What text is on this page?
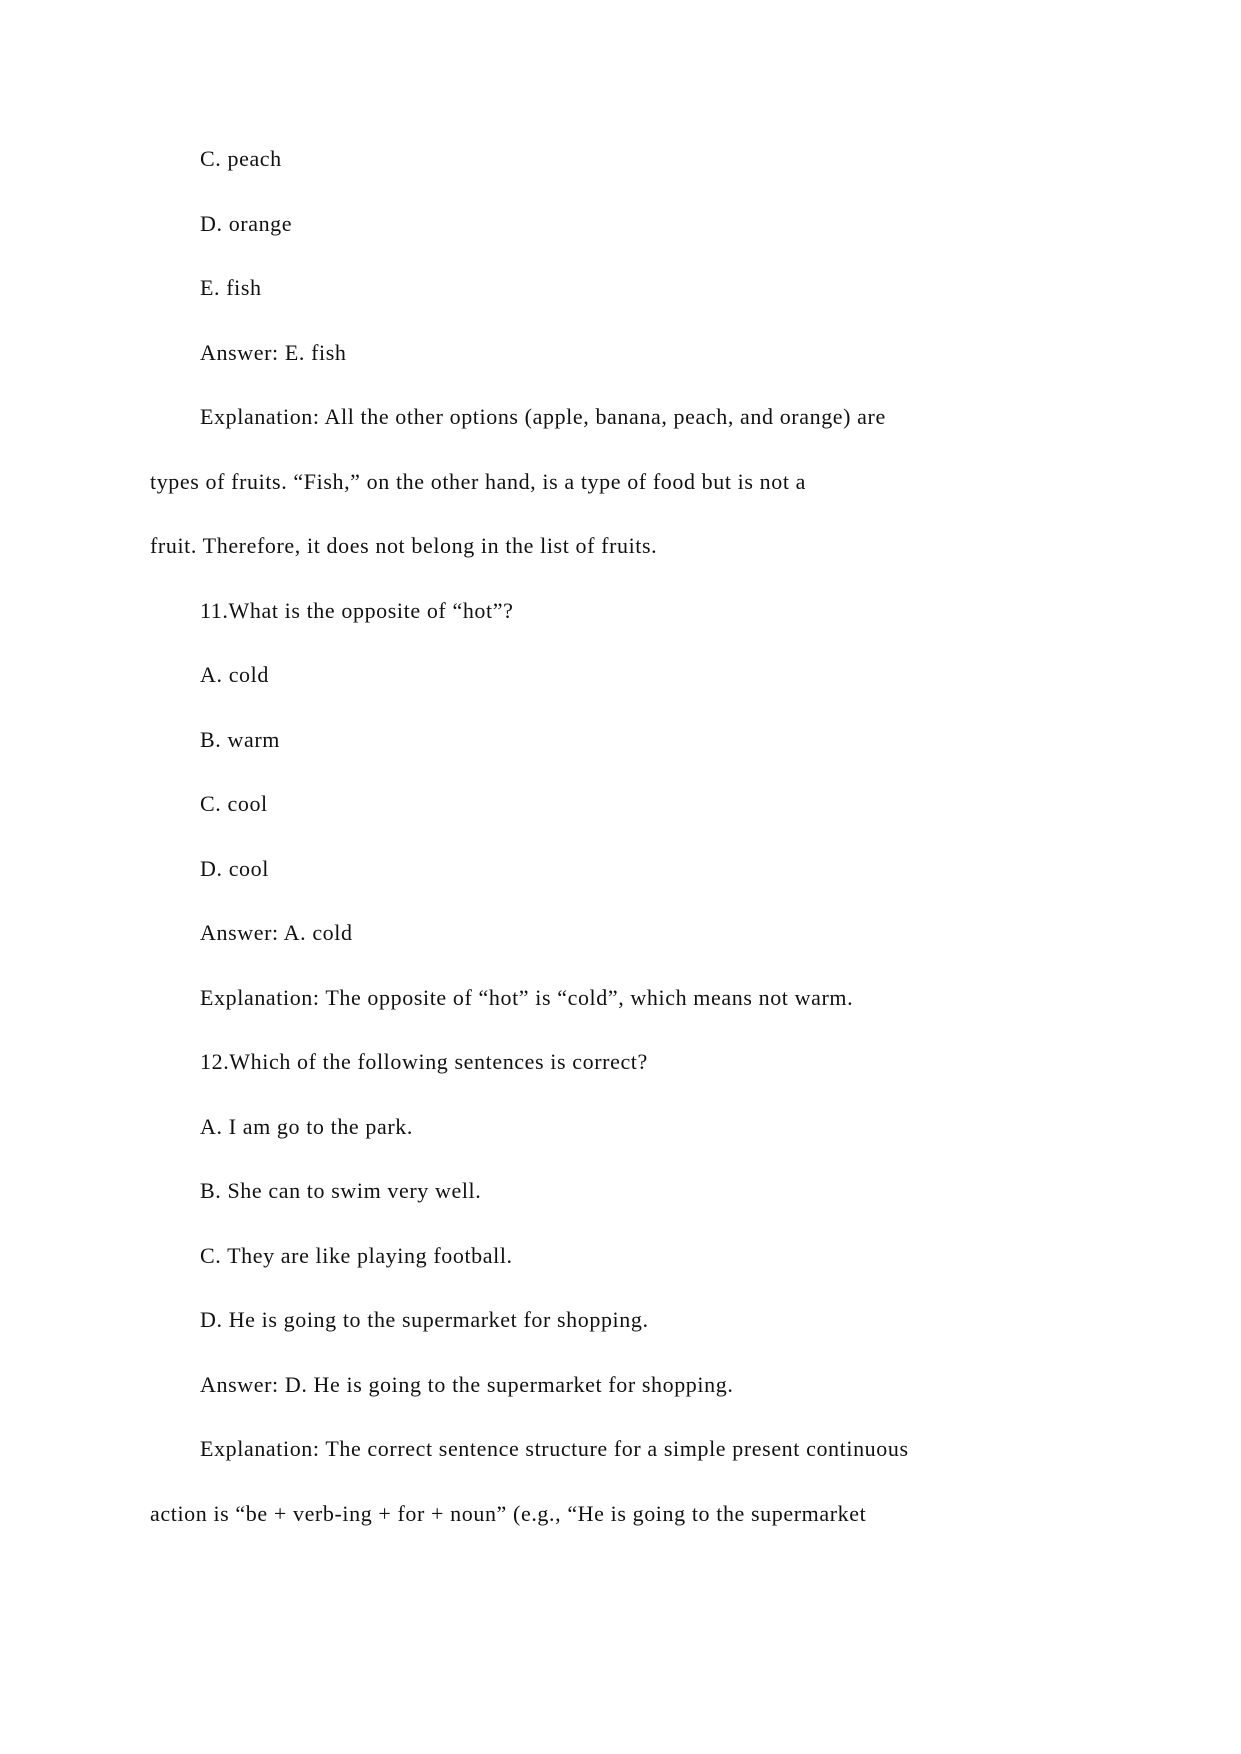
C. peach
D. orange
E. fish
Answer: E. fish
Explanation: All the other options (apple, banana, peach, and orange) are
types of fruits. “Fish,” on the other hand, is a type of food but is not a
fruit. Therefore, it does not belong in the list of fruits.
11.What is the opposite of “hot”?
A. cold
B. warm
C. cool
D. cool
Answer: A. cold
Explanation: The opposite of “hot” is “cold”, which means not warm.
12.Which of the following sentences is correct?
A. I am go to the park.
B. She can to swim very well.
C. They are like playing football.
D. He is going to the supermarket for shopping.
Answer: D. He is going to the supermarket for shopping.
Explanation: The correct sentence structure for a simple present continuous
action is “be + verb-ing + for + noun” (e.g., “He is going to the supermarket
